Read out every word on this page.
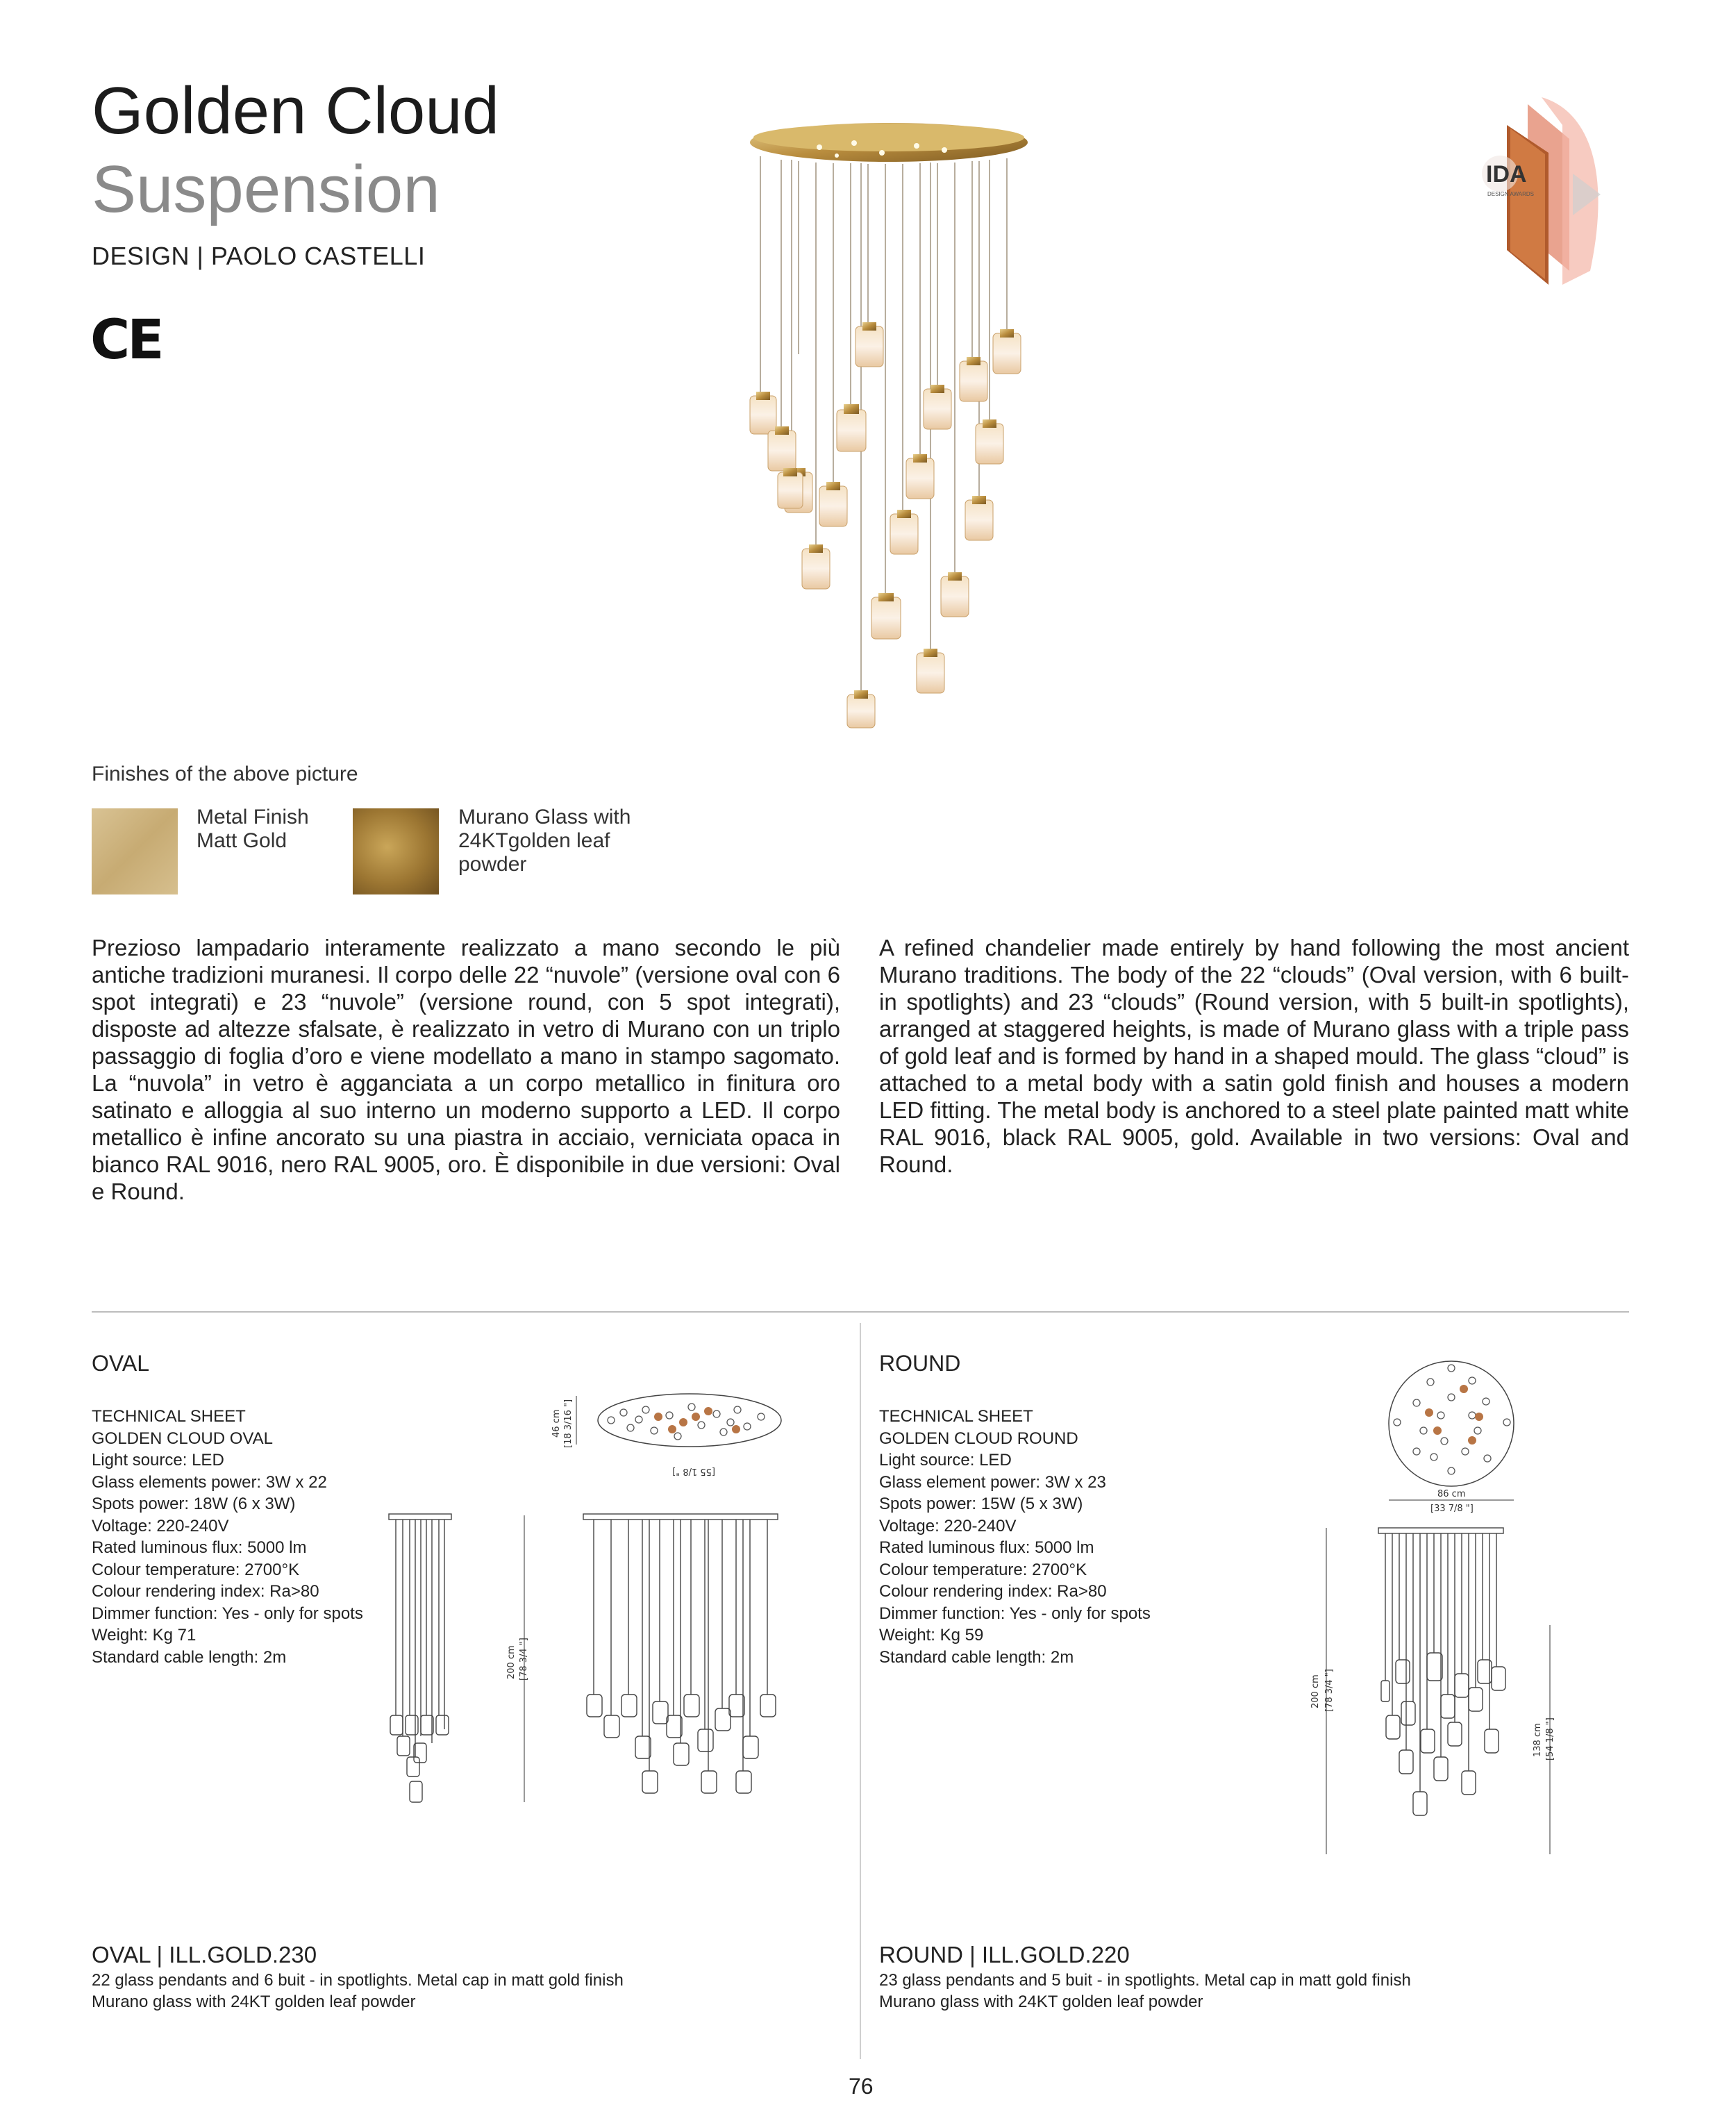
Golden Cloud
Suspension
DESIGN | PAOLO CASTELLI
CE
IDA
DESIGN AWARDS
Finishes of the above picture
Metal Finish
Matt Gold
Murano Glass with
24KTgolden leaf
powder
Prezioso lampadario interamente realizzato a mano secondo le più antiche tradizioni muranesi. Il corpo delle 22 “nuvole” (versione oval con 6 spot integrati) e 23 “nuvole” (versione round, con 5 spot integrati), disposte ad altezze sfalsate, è realizzato in vetro di Murano con un triplo passaggio di foglia d’oro e viene modellato a mano in stampo sagomato. La “nuvola” in vetro è agganciata a un corpo metallico in finitura oro satinato e alloggia al suo interno un moderno supporto a LED. Il corpo metallico è infine ancorato su una piastra in acciaio, verniciata opaca in bianco RAL 9016, nero RAL 9005, oro. È disponibile in due versioni: Oval e Round.
A refined chandelier made entirely by hand following the most ancient Murano traditions. The body of the 22 “clouds” (Oval version, with 6 built-in spotlights) and 23 “clouds” (Round version, with 5 built-in spotlights), arranged at staggered heights, is made of Murano glass with a triple pass of gold leaf and is formed by hand in a shaped mould. The glass “cloud” is attached to a metal body with a satin gold finish and houses a modern LED fitting. The metal body is anchored to a steel plate painted matt white RAL 9016, black RAL 9005, gold. Available in two versions: Oval and Round.
OVAL
TECHNICAL SHEET
GOLDEN CLOUD OVAL
Light source: LED
Glass elements power: 3W x 22
Spots power: 18W (6 x 3W)
Voltage: 220-240V
Rated luminous flux: 5000 lm
Colour temperature: 2700°K
Colour rendering index: Ra>80
Dimmer function: Yes - only for spots
Weight: Kg 71
Standard cable length: 2m
46 cm [18 3/16 "]
[55 1/8 "]
200 cm [78 3/4 "]
OVAL | ILL.GOLD.230
22 glass pendants and 6 buit - in spotlights. Metal cap in matt gold finish
Murano glass with 24KT golden leaf powder
ROUND
TECHNICAL SHEET
GOLDEN CLOUD ROUND
Light source: LED
Glass element power: 3W x 23
Spots power: 15W (5 x 3W)
Voltage: 220-240V
Rated luminous flux: 5000 lm
Colour temperature: 2700°K
Colour rendering index: Ra>80
Dimmer function: Yes - only for spots
Weight: Kg 59
Standard cable length: 2m
86 cm
[33 7/8 "]
200 cm [78 3/4 "]
138 cm [54 1/8 "]
ROUND | ILL.GOLD.220
23 glass pendants and 5 buit - in spotlights. Metal cap in matt gold finish
Murano glass with 24KT golden leaf powder
76
